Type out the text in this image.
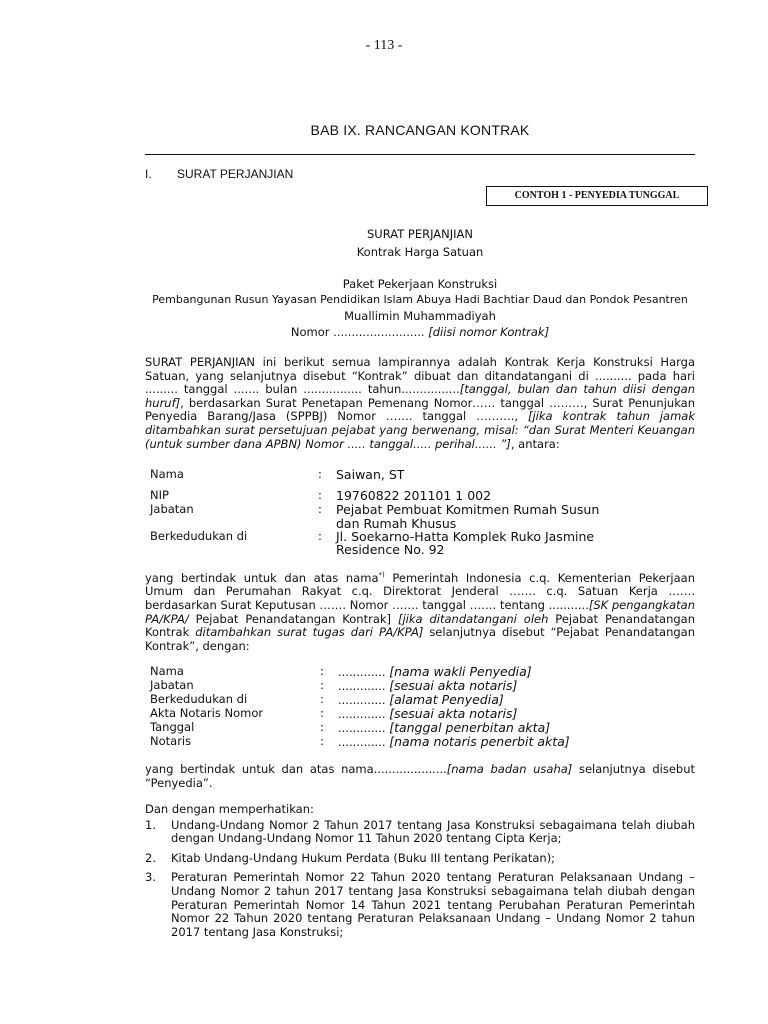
- 113 -
BAB IX. RANCANGAN KONTRAK
I. SURAT PERJANJIAN
CONTOH 1 - PENYEDIA TUNGGAL
SURAT PERJANJIAN
Kontrak Harga Satuan
Paket Pekerjaan Konstruksi
Pembangunan Rusun Yayasan Pendidikan Islam Abuya Hadi Bachtiar Daud dan Pondok Pesantren
Muallimin Muhammadiyah
Nomor ......................... [diisi nomor Kontrak]
SURAT PERJANJIAN ini berikut semua lampirannya adalah Kontrak Kerja Konstruksi Harga Satuan, yang selanjutnya disebut “Kontrak” dibuat dan ditandatangani di .......... pada hari ......... tanggal ....... bulan ................ tahun................[tanggal, bulan dan tahun diisi dengan huruf], berdasarkan Surat Penetapan Pemenang Nomor…… tanggal ………, Surat Penunjukan Penyedia Barang/Jasa (SPPBJ) Nomor ……. tanggal ………., [jika kontrak tahun jamak ditambahkan surat persetujuan pejabat yang berwenang, misal: “dan Surat Menteri Keuangan (untuk sumber dana APBN) Nomor ..... tanggal..... perihal...... ”], antara:
Nama	: Saiwan, ST
NIP	: 19760822 201101 1 002
Jabatan	: Pejabat Pembuat Komitmen Rumah Susun
dan Rumah Khusus
Berkedudukan di	: Jl. Soekarno-Hatta Komplek Ruko Jasmine
Residence No. 92
yang bertindak untuk dan atas nama*) Pemerintah Indonesia c.q. Kementerian Pekerjaan Umum dan Perumahan Rakyat c.q. Direktorat Jenderal ……. c.q. Satuan Kerja ……. berdasarkan Surat Keputusan ……. Nomor ……. tanggal ……. tentang ...........[SK pengangkatan PA/KPA/ Pejabat Penandatangan Kontrak] [jika ditandatangani oleh Pejabat Penandatangan Kontrak ditambahkan surat tugas dari PA/KPA] selanjutnya disebut “Pejabat Penandatangan Kontrak”, dengan:
Nama	: ............. [nama wakli Penyedia]
Jabatan	: ............. [sesuai akta notaris]
Berkedudukan di	: ............. [alamat Penyedia]
Akta Notaris Nomor	: ............. [sesuai akta notaris]
Tanggal	: ............. [tanggal penerbitan akta]
Notaris	: ............. [nama notaris penerbit akta]
yang bertindak untuk dan atas nama....................[nama badan usaha] selanjutnya disebut “Penyedia”.
Dan dengan memperhatikan:
1. Undang-Undang Nomor 2 Tahun 2017 tentang Jasa Konstruksi sebagaimana telah diubah dengan Undang-Undang Nomor 11 Tahun 2020 tentang Cipta Kerja;
2. Kitab Undang-Undang Hukum Perdata (Buku III tentang Perikatan);
3. Peraturan Pemerintah Nomor 22 Tahun 2020 tentang Peraturan Pelaksanaan Undang – Undang Nomor 2 tahun 2017 tentang Jasa Konstruksi sebagaimana telah diubah dengan Peraturan Pemerintah Nomor 14 Tahun 2021 tentang Perubahan Peraturan Pemerintah Nomor 22 Tahun 2020 tentang Peraturan Pelaksanaan Undang – Undang Nomor 2 tahun 2017 tentang Jasa Konstruksi;
